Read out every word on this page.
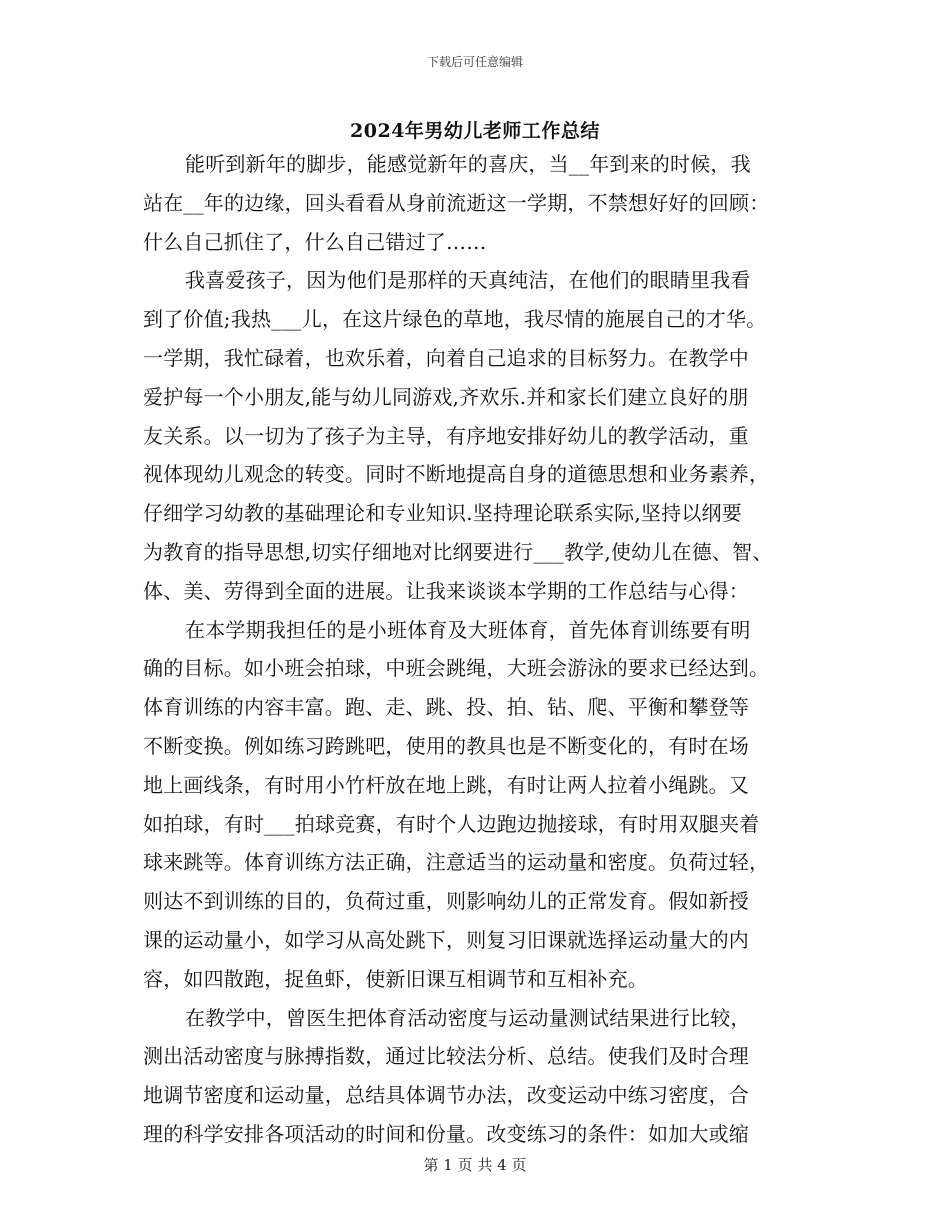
下载后可任意编辑
2024年男幼儿老师工作总结
能听到新年的脚步，能感觉新年的喜庆，当__年到来的时候，我
站在__年的边缘，回头看看从身前流逝这一学期，不禁想好好的回顾：
什么自己抓住了，什么自己错过了……
我喜爱孩子，因为他们是那样的天真纯洁，在他们的眼睛里我看
到了价值;我热___儿，在这片绿色的草地，我尽情的施展自己的才华。
一学期，我忙碌着，也欢乐着，向着自己追求的目标努力。在教学中
爱护每一个小朋友,能与幼儿同游戏,齐欢乐.并和家长们建立良好的朋
友关系。以一切为了孩子为主导，有序地安排好幼儿的教学活动，重
视体现幼儿观念的转变。同时不断地提高自身的道德思想和业务素养，
仔细学习幼教的基础理论和专业知识.坚持理论联系实际,坚持以纲要
为教育的指导思想,切实仔细地对比纲要进行___教学,使幼儿在德、智、
体、美、劳得到全面的进展。让我来谈谈本学期的工作总结与心得：
在本学期我担任的是小班体育及大班体育，首先体育训练要有明
确的目标。如小班会拍球，中班会跳绳，大班会游泳的要求已经达到。
体育训练的内容丰富。跑、走、跳、投、拍、钻、爬、平衡和攀登等
不断变换。例如练习跨跳吧，使用的教具也是不断变化的，有时在场
地上画线条，有时用小竹杆放在地上跳，有时让两人拉着小绳跳。又
如拍球，有时___拍球竞赛，有时个人边跑边抛接球，有时用双腿夹着
球来跳等。体育训练方法正确，注意适当的运动量和密度。负荷过轻，
则达不到训练的目的，负荷过重，则影响幼儿的正常发育。假如新授
课的运动量小，如学习从高处跳下，则复习旧课就选择运动量大的内
容，如四散跑，捉鱼虾，使新旧课互相调节和互相补充。
在教学中，曾医生把体育活动密度与运动量测试结果进行比较，
测出活动密度与脉搏指数，通过比较法分析、总结。使我们及时合理
地调节密度和运动量，总结具体调节办法，改变运动中练习密度，合
理的科学安排各项活动的时间和份量。改变练习的条件：如加大或缩
第 1 页 共 4 页
